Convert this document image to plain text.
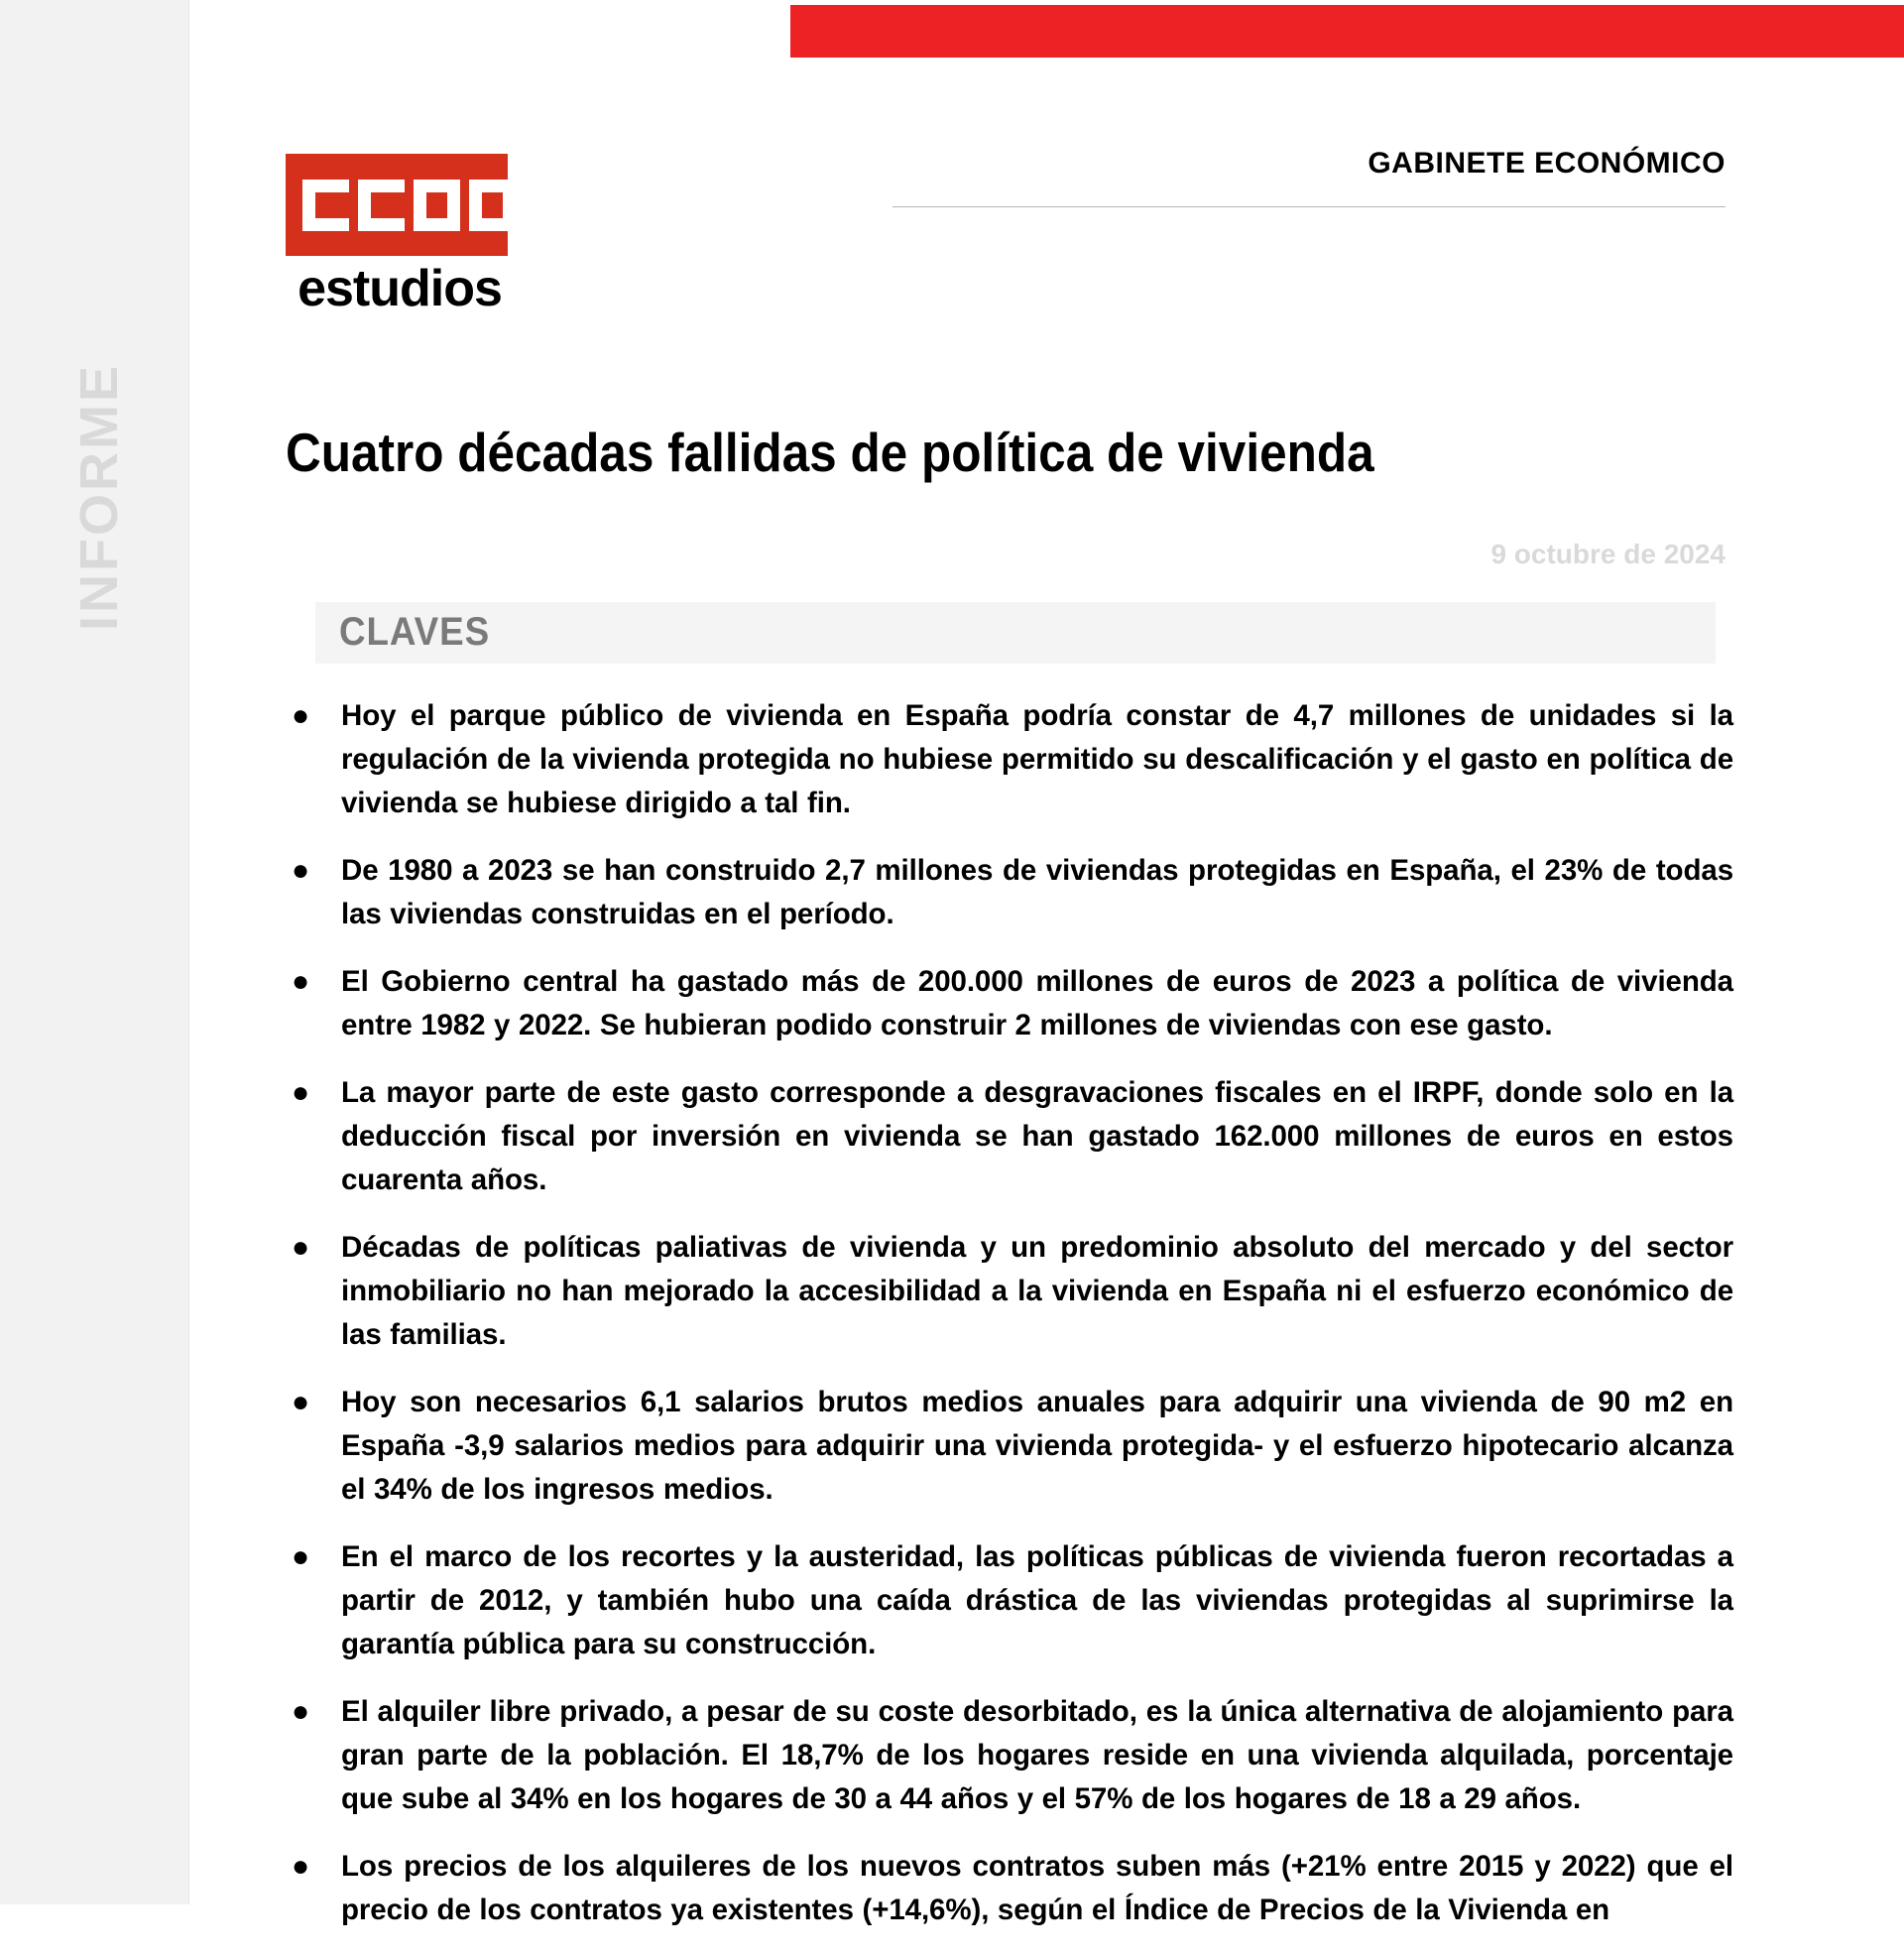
INFORME
estudios
GABINETE ECONÓMICO
Cuatro décadas fallidas de política de vivienda
9 octubre de 2024
CLAVES
●	Hoy el parque público de vivienda en España podría constar de 4,7 millones de unidades si la regulación de la vivienda protegida no hubiese permitido su descalificación y el gasto en política de vivienda se hubiese dirigido a tal fin.
●	De 1980 a 2023 se han construido 2,7 millones de viviendas protegidas en España, el 23% de todas las viviendas construidas en el período.
●	El Gobierno central ha gastado más de 200.000 millones de euros de 2023 a política de vivienda entre 1982 y 2022. Se hubieran podido construir 2 millones de viviendas con ese gasto.
●	La mayor parte de este gasto corresponde a desgravaciones fiscales en el IRPF, donde solo en la deducción fiscal por inversión en vivienda se han gastado 162.000 millones de euros en estos cuarenta años.
●	Décadas de políticas paliativas de vivienda y un predominio absoluto del mercado y del sector inmobiliario no han mejorado la accesibilidad a la vivienda en España ni el esfuerzo económico de las familias.
●	Hoy son necesarios 6,1 salarios brutos medios anuales para adquirir una vivienda de 90 m2 en España -3,9 salarios medios para adquirir una vivienda protegida- y el esfuerzo hipotecario alcanza el 34% de los ingresos medios.
●	En el marco de los recortes y la austeridad, las políticas públicas de vivienda fueron recortadas a partir de 2012, y también hubo una caída drástica de las viviendas protegidas al suprimirse la garantía pública para su construcción.
●	El alquiler libre privado, a pesar de su coste desorbitado, es la única alternativa de alojamiento para gran parte de la población. El 18,7% de los hogares reside en una vivienda alquilada, porcentaje que sube al 34% en los hogares de 30 a 44 años y el 57% de los hogares de 18 a 29 años.
●	Los precios de los alquileres de los nuevos contratos suben más (+21% entre 2015 y 2022) que el precio de los contratos ya existentes (+14,6%), según el Índice de Precios de la Vivienda en
